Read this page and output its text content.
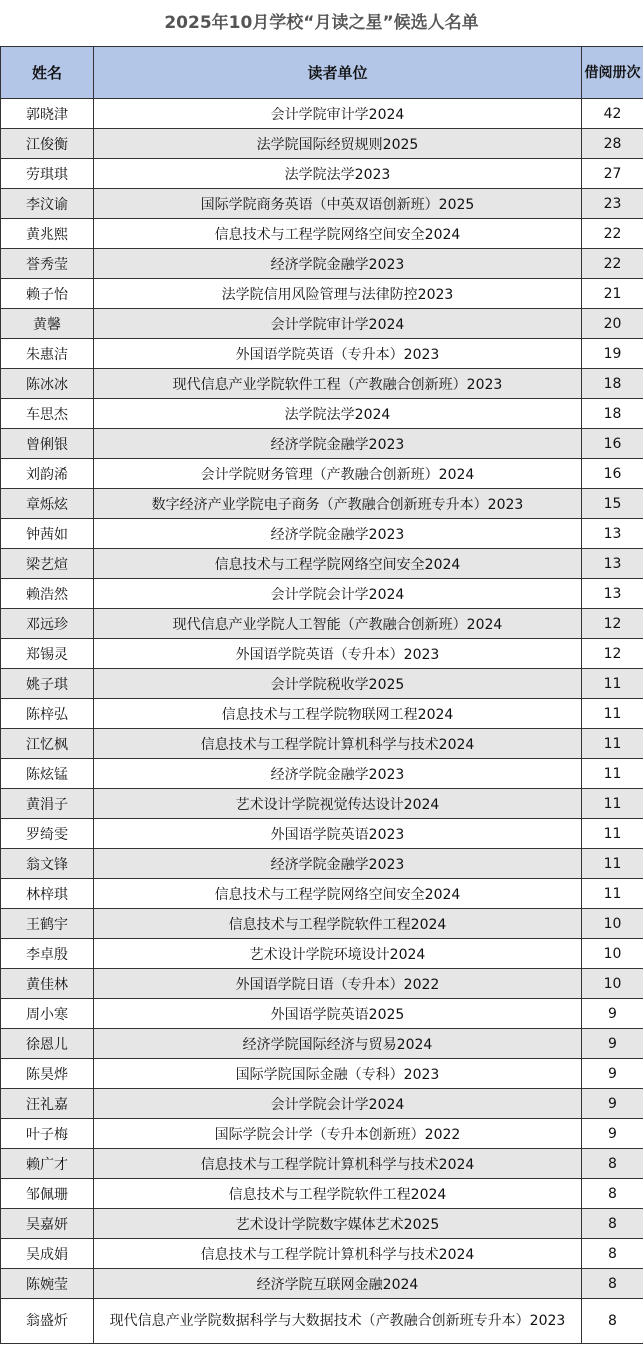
2025年10月学校“月读之星”候选人名单
姓名	读者单位	借阅册次
郭晓津	会计学院审计学2024	42
江俊衡	法学院国际经贸规则2025	28
劳琪琪	法学院法学2023	27
李汶谕	国际学院商务英语（中英双语创新班）2025	23
黄兆熙	信息技术与工程学院网络空间安全2024	22
誉秀莹	经济学院金融学2023	22
赖子怡	法学院信用风险管理与法律防控2023	21
黄馨	会计学院审计学2024	20
朱惠洁	外国语学院英语（专升本）2023	19
陈冰冰	现代信息产业学院软件工程（产教融合创新班）2023	18
车思杰	法学院法学2024	18
曾俐银	经济学院金融学2023	16
刘韵浠	会计学院财务管理（产教融合创新班）2024	16
章烁炫	数字经济产业学院电子商务（产教融合创新班专升本）2023	15
钟茜如	经济学院金融学2023	13
梁艺煊	信息技术与工程学院网络空间安全2024	13
赖浩然	会计学院会计学2024	13
邓远珍	现代信息产业学院人工智能（产教融合创新班）2024	12
郑锡灵	外国语学院英语（专升本）2023	12
姚子琪	会计学院税收学2025	11
陈梓弘	信息技术与工程学院物联网工程2024	11
江忆枫	信息技术与工程学院计算机科学与技术2024	11
陈炫锰	经济学院金融学2023	11
黄涓子	艺术设计学院视觉传达设计2024	11
罗绮雯	外国语学院英语2023	11
翁文锋	经济学院金融学2023	11
林梓琪	信息技术与工程学院网络空间安全2024	11
王鹤宇	信息技术与工程学院软件工程2024	10
李卓殷	艺术设计学院环境设计2024	10
黄佳林	外国语学院日语（专升本）2022	10
周小寒	外国语学院英语2025	9
徐恩儿	经济学院国际经济与贸易2024	9
陈昊烨	国际学院国际金融（专科）2023	9
汪礼嘉	会计学院会计学2024	9
叶子梅	国际学院会计学（专升本创新班）2022	9
赖广才	信息技术与工程学院计算机科学与技术2024	8
邹佩珊	信息技术与工程学院软件工程2024	8
吴嘉妍	艺术设计学院数字媒体艺术2025	8
吴成娟	信息技术与工程学院计算机科学与技术2024	8
陈婉莹	经济学院互联网金融2024	8
翁盛炘	现代信息产业学院数据科学与大数据技术（产教融合创新班专升本）2023	8
